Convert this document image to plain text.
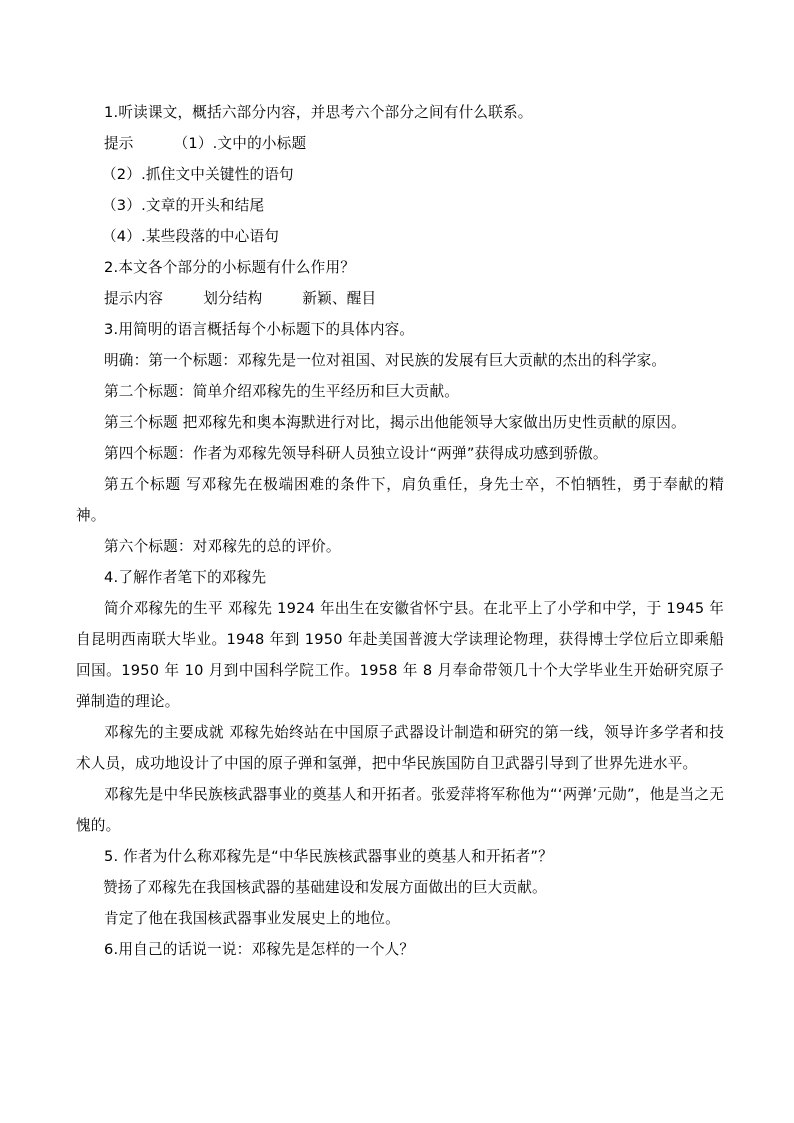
1.听读课文，概括六部分内容，并思考六个部分之间有什么联系。

提示	（1）.文中的小标题

（2）.抓住文中关键性的语句

（3）.文章的开头和结尾

（4）.某些段落的中心语句

2.本文各个部分的小标题有什么作用？

提示内容	划分结构	新颖、醒目

3.用简明的语言概括每个小标题下的具体内容。

明确：第一个标题：邓稼先是一位对祖国、对民族的发展有巨大贡献的杰出的科学家。

第二个标题：简单介绍邓稼先的生平经历和巨大贡献。

第三个标题 把邓稼先和奥本海默进行对比，揭示出他能领导大家做出历史性贡献的原因。

第四个标题：作者为邓稼先领导科研人员独立设计“两弹”获得成功感到骄傲。

第五个标题 写邓稼先在极端困难的条件下，肩负重任，身先士卒，不怕牺牲，勇于奉献的精神。

第六个标题：对邓稼先的总的评价。

4.了解作者笔下的邓稼先

简介邓稼先的生平 邓稼先 1924 年出生在安徽省怀宁县。在北平上了小学和中学，于 1945 年自昆明西南联大毕业。1948 年到 1950 年赴美国普渡大学读理论物理，获得博士学位后立即乘船回国。1950 年 10 月到中国科学院工作。1958 年 8 月奉命带领几十个大学毕业生开始研究原子弹制造的理论。

邓稼先的主要成就 邓稼先始终站在中国原子武器设计制造和研究的第一线，领导许多学者和技术人员，成功地设计了中国的原子弹和氢弹，把中华民族国防自卫武器引导到了世界先进水平。

邓稼先是中华民族核武器事业的奠基人和开拓者。张爱萍将军称他为“‘两弹’元勋”，他是当之无愧的。

5. 作者为什么称邓稼先是“中华民族核武器事业的奠基人和开拓者”？

赞扬了邓稼先在我国核武器的基础建设和发展方面做出的巨大贡献。

肯定了他在我国核武器事业发展史上的地位。

6.用自己的话说一说：邓稼先是怎样的一个人？
